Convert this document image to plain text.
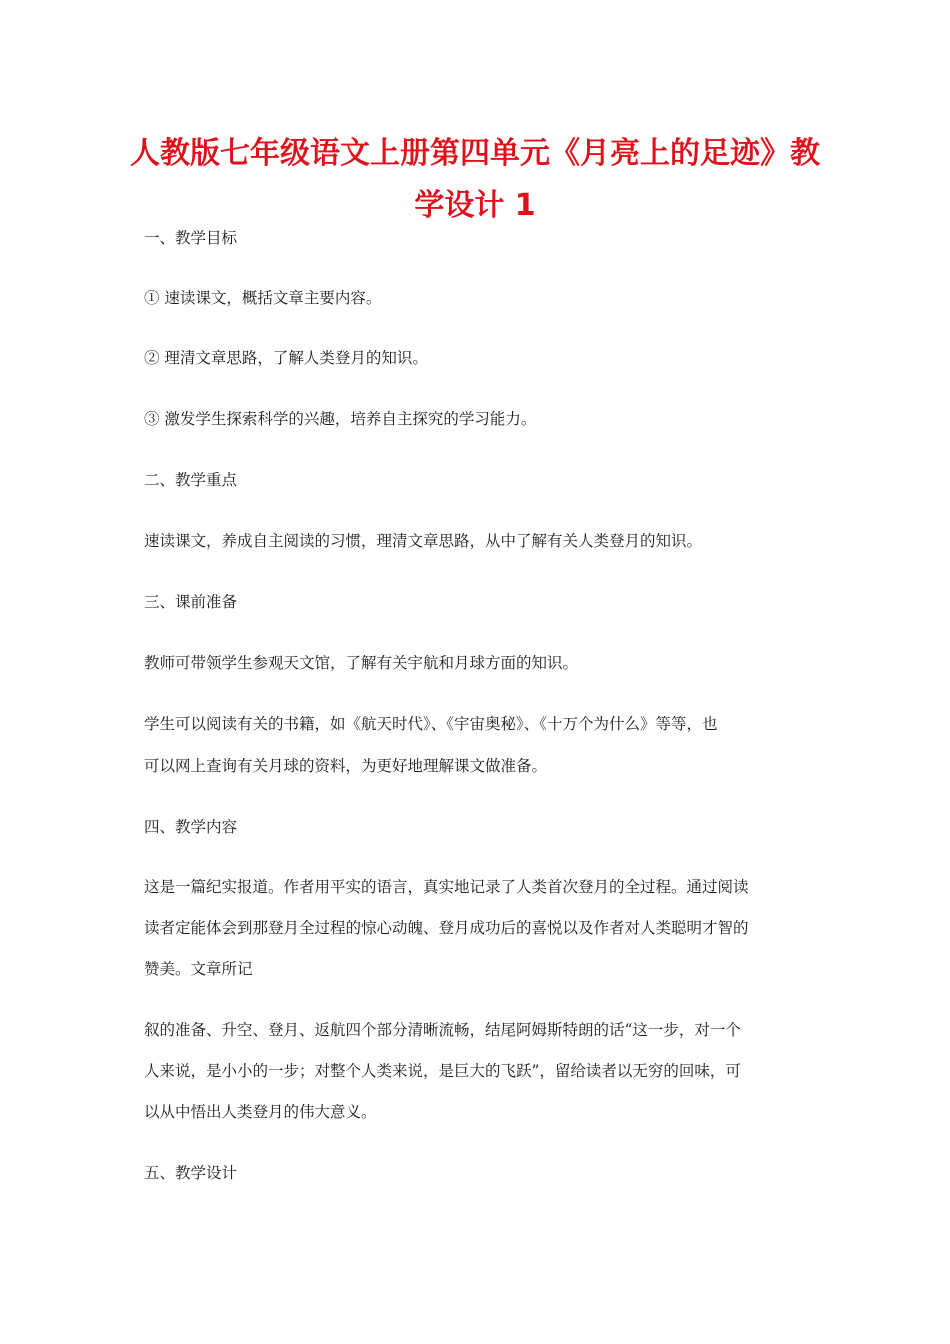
人教版七年级语文上册第四单元《月亮上的足迹》教
学设计 1
一、教学目标
① 速读课文，概括文章主要内容。
② 理清文章思路，了解人类登月的知识。
③ 激发学生探索科学的兴趣，培养自主探究的学习能力。
二、教学重点
速读课文，养成自主阅读的习惯，理清文章思路，从中了解有关人类登月的知识。
三、课前准备
教师可带领学生参观天文馆，了解有关宇航和月球方面的知识。
学生可以阅读有关的书籍，如《航天时代》、《宇宙奥秘》、《十万个为什么》等等，也
可以网上查询有关月球的资料，为更好地理解课文做准备。
四、教学内容
这是一篇纪实报道。作者用平实的语言，真实地记录了人类首次登月的全过程。通过阅读
读者定能体会到那登月全过程的惊心动魄、登月成功后的喜悦以及作者对人类聪明才智的
赞美。文章所记
叙的准备、升空、登月、返航四个部分清晰流畅，结尾阿姆斯特朗的话“这一步，对一个
人来说，是小小的一步；对整个人类来说，是巨大的飞跃”，留给读者以无穷的回味，可
以从中悟出人类登月的伟大意义。
五、教学设计
